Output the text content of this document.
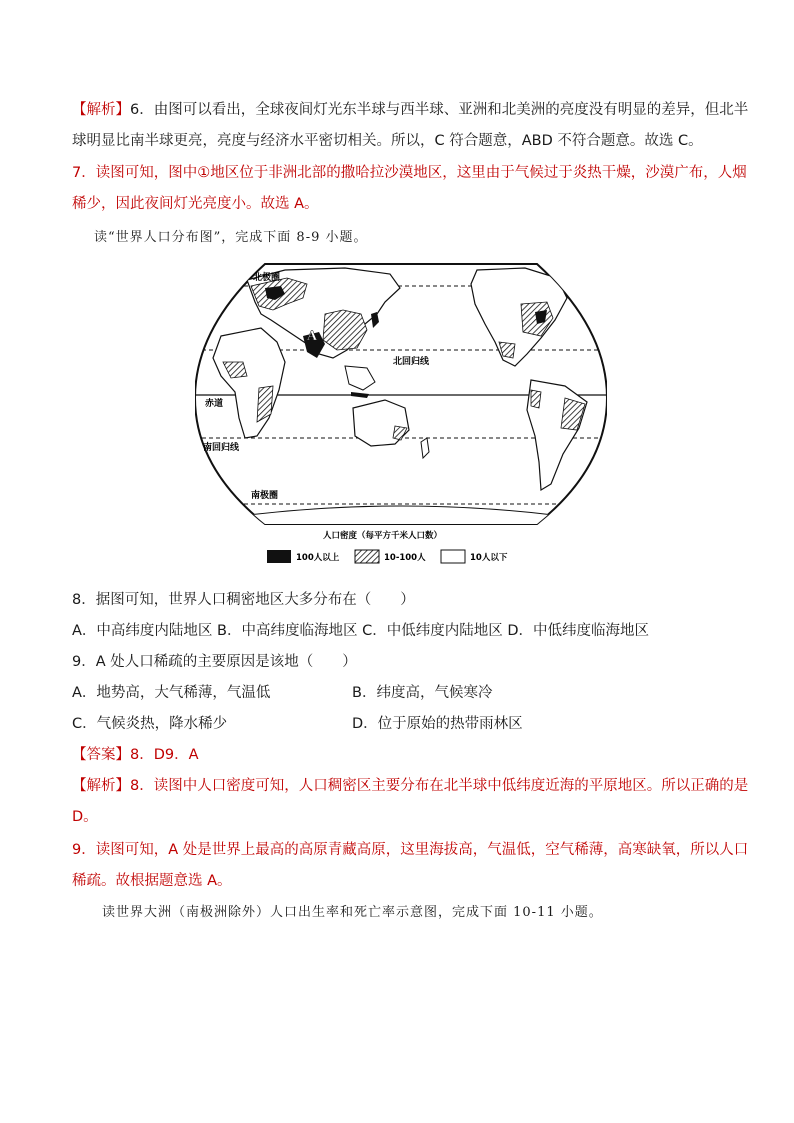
【解析】6．由图可以看出，全球夜间灯光东半球与西半球、亚洲和北美洲的亮度没有明显的差异，但北半
球明显比南半球更亮，亮度与经济水平密切相关。所以，C 符合题意，ABD 不符合题意。故选 C。
7．读图可知，图中①地区位于非洲北部的撒哈拉沙漠地区，这里由于气候过于炎热干燥，沙漠广布，人烟
稀少，因此夜间灯光亮度小。故选 A。
读“世界人口分布图”，完成下面 8-9 小题。
北极圈
北回归线
赤道
南回归线
南极圈
A
人口密度（每平方千米人口数）
100人以上	10-100人	10人以下
8．据图可知，世界人口稠密地区大多分布在（　　）
A．中高纬度内陆地区 B．中高纬度临海地区 C．中低纬度内陆地区 D．中低纬度临海地区
9．A 处人口稀疏的主要原因是该地（　　）
A．地势高，大气稀薄，气温低	B．纬度高，气候寒冷
C．气候炎热，降水稀少	D．位于原始的热带雨林区
【答案】8．D9．A
【解析】8．读图中人口密度可知，人口稠密区主要分布在北半球中低纬度近海的平原地区。所以正确的是
D。
9．读图可知，A 处是世界上最高的高原青藏高原，这里海拔高，气温低，空气稀薄，高寒缺氧，所以人口
稀疏。故根据题意选 A。
读世界大洲（南极洲除外）人口出生率和死亡率示意图，完成下面 10-11 小题。
